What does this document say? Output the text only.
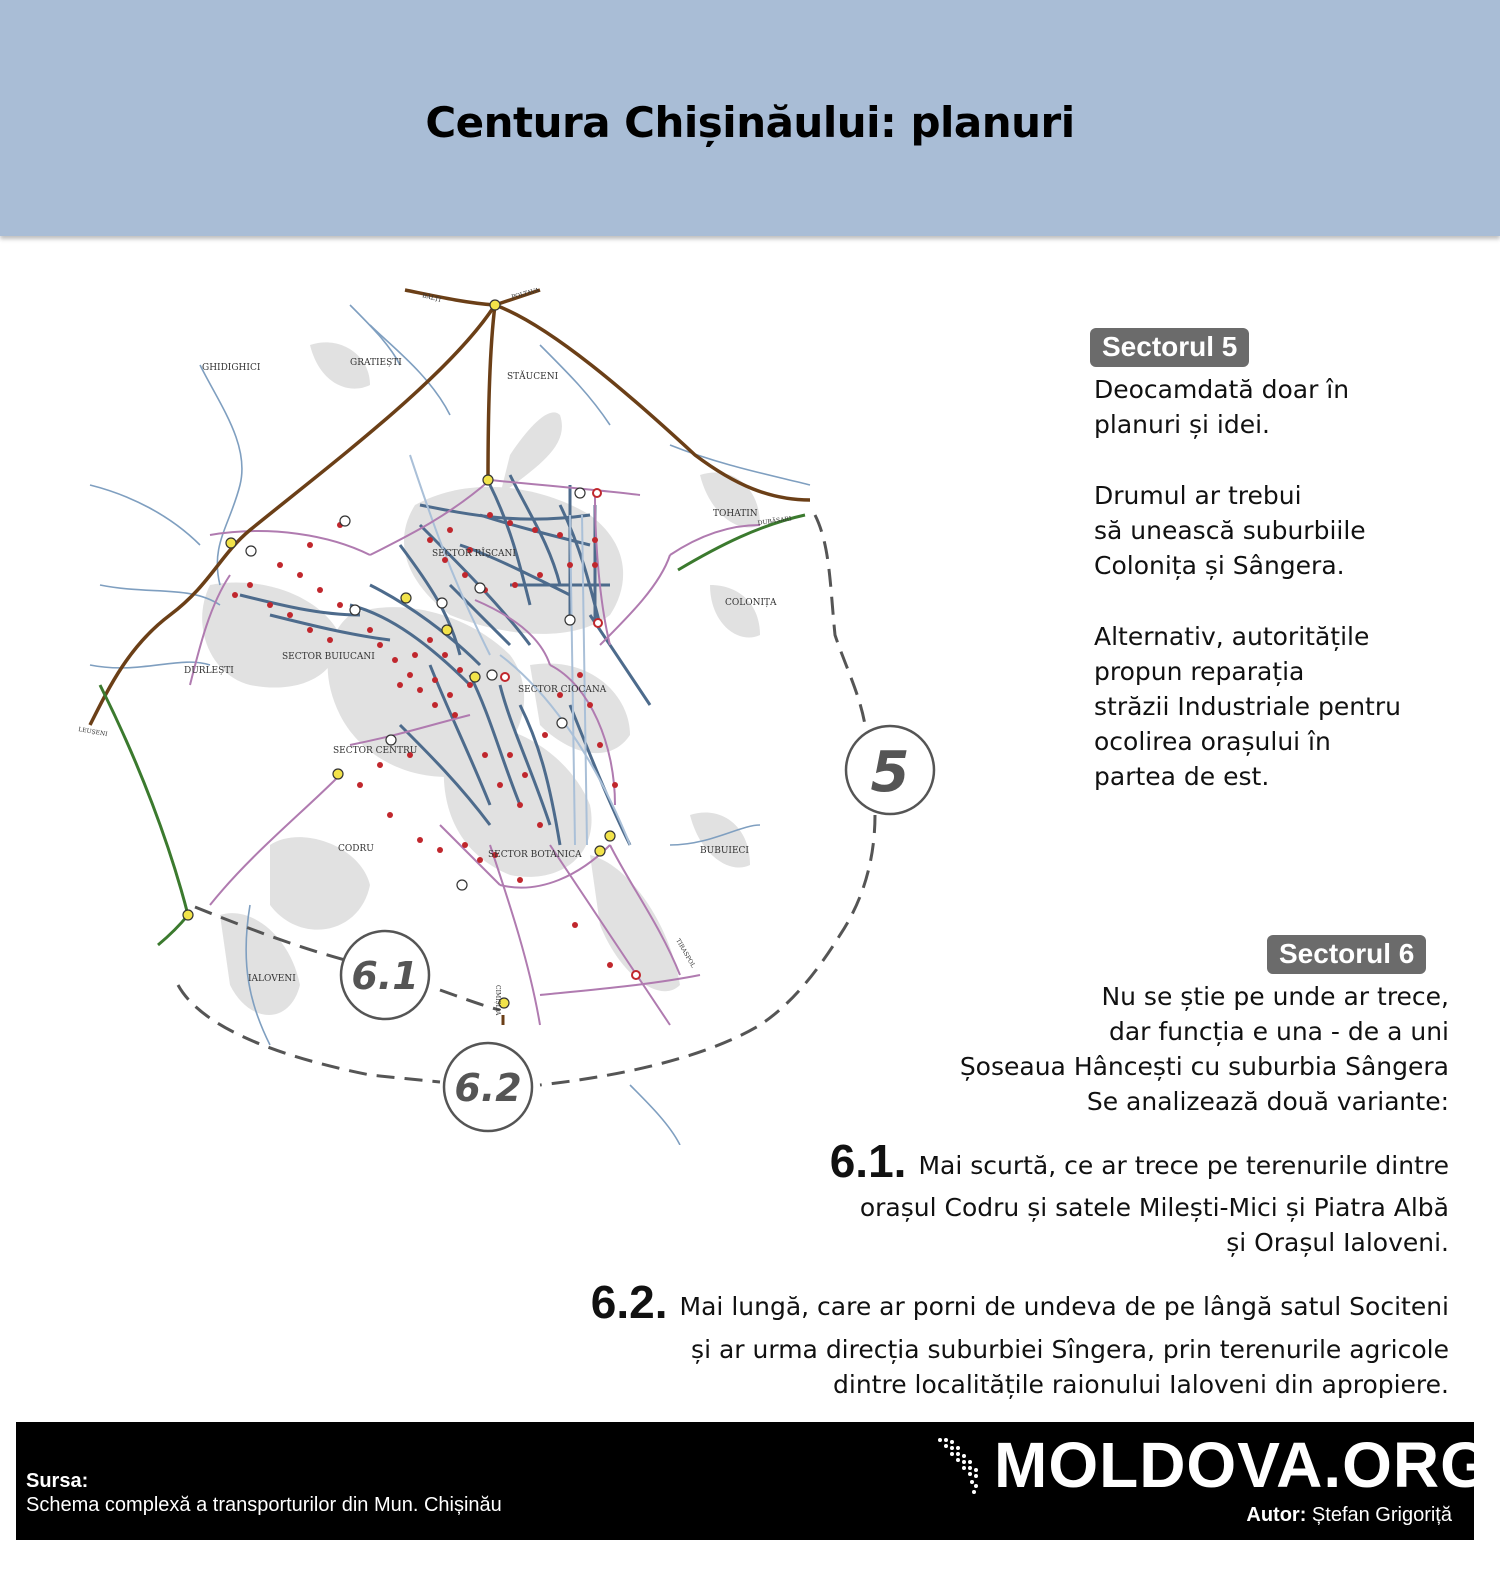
Centura Chișinăului: planuri
GHIDIGHICI	GRATIEȘTI
STĂUCENI
TOHATIN
COLONIȚA
DURLEȘTI
SECTOR RÎȘCANI
SECTOR BUIUCANI
SECTOR CIOCANA
SECTOR CENTRU
SECTOR BOTANICA
CODRU	BUBUIECI
IALOVENI
BĂLȚI	POLTAVA
DUBĂSARI
LEUȘENI
CIMIȘLIA
TIRASPOL
5
6.1
6.2
Sectorul 5

Deocamdată doar în
planuri și idei.

Drumul ar trebui
să unească suburbiile
Colonița și Sângera.

Alternativ, autoritățile
propun reparația
străzii Industriale pentru
ocolirea orașului în
partea de est.

Sectorul 6

Nu se știe pe unde ar trece,
dar funcția e una - de a uni
Șoseaua Hâncești cu suburbia Sângera
Se analizează două variante:

6.1. Mai scurtă, ce ar trece pe terenurile dintre

orașul Codru și satele Milești-Mici și Piatra Albă
și Orașul Ialoveni.

6.2. Mai lungă, care ar porni de undeva de pe lângă satul Sociteni

și ar urma direcția suburbiei Sîngera, prin terenurile agricole
dintre localitățile raionului Ialoveni din apropiere.

Sursa:
Schema complexă a transporturilor din Mun. Chișinău
MOLDOVA.ORG
Autor: Ștefan Grigoriță
